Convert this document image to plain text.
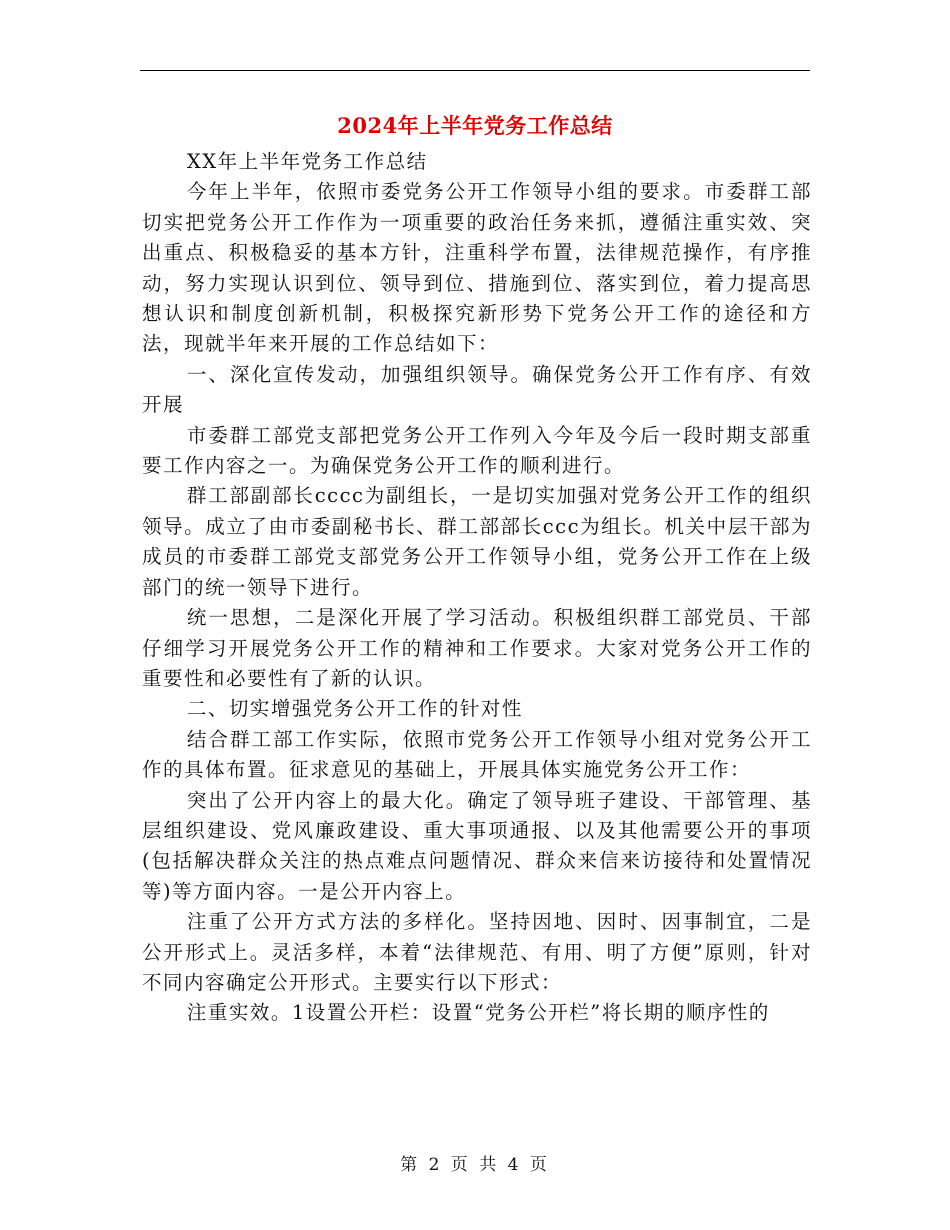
2024年上半年党务工作总结

XX年上半年党务工作总结

今年上半年，依照市委党务公开工作领导小组的要求。市委群工部切实把党务公开工作作为一项重要的政治任务来抓，遵循注重实效、突出重点、积极稳妥的基本方针，注重科学布置，法律规范操作，有序推动，努力实现认识到位、领导到位、措施到位、落实到位，着力提高思想认识和制度创新机制，积极探究新形势下党务公开工作的途径和方法，现就半年来开展的工作总结如下：

一、深化宣传发动，加强组织领导。确保党务公开工作有序、有效开展

市委群工部党支部把党务公开工作列入今年及今后一段时期支部重要工作内容之一。为确保党务公开工作的顺利进行。

群工部副部长cccc为副组长，一是切实加强对党务公开工作的组织领导。成立了由市委副秘书长、群工部部长ccc为组长。机关中层干部为成员的市委群工部党支部党务公开工作领导小组，党务公开工作在上级部门的统一领导下进行。

统一思想，二是深化开展了学习活动。积极组织群工部党员、干部仔细学习开展党务公开工作的精神和工作要求。大家对党务公开工作的重要性和必要性有了新的认识。

二、切实增强党务公开工作的针对性

结合群工部工作实际，依照市党务公开工作领导小组对党务公开工作的具体布置。征求意见的基础上，开展具体实施党务公开工作：

突出了公开内容上的最大化。确定了领导班子建设、干部管理、基层组织建设、党风廉政建设、重大事项通报、以及其他需要公开的事项(包括解决群众关注的热点难点问题情况、群众来信来访接待和处置情况等)等方面内容。一是公开内容上。

注重了公开方式方法的多样化。坚持因地、因时、因事制宜，二是公开形式上。灵活多样，本着“法律规范、有用、明了方便”原则，针对不同内容确定公开形式。主要实行以下形式：

注重实效。1设置公开栏：设置“党务公开栏”将长期的顺序性的

第 2 页 共 4 页
